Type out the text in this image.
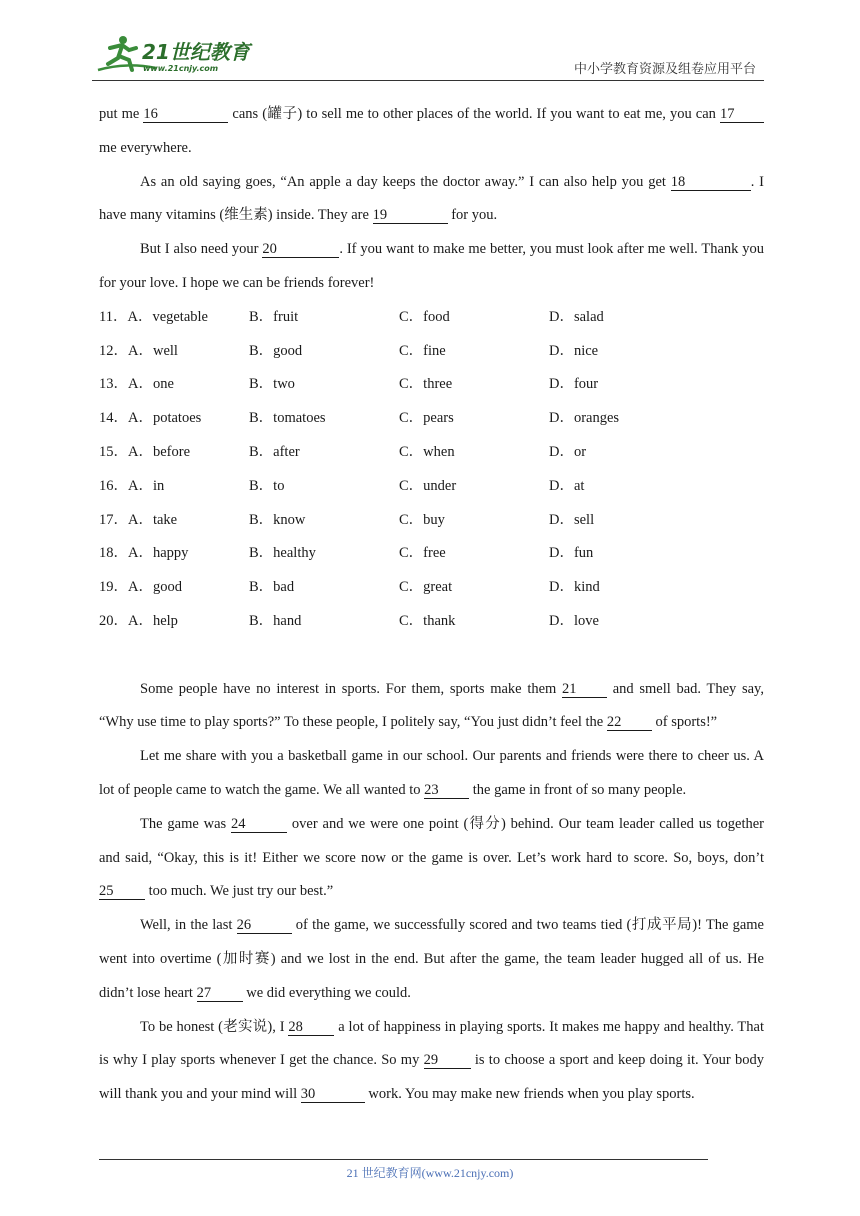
21世纪教育
www.21cnjy.com	中小学教育资源及组卷应用平台

put me 16	cans (罐子) to sell me to other places of the world. If you want to eat me, you can 17 me everywhere.

As an old saying goes, “An apple a day keeps the doctor away.” I can also help you get 18	. I have many vitamins (维生素) inside. They are 19	for you.

But I also need your 20	. If you want to make me better, you must look after me well. Thank you for your love. I hope we can be friends forever!

11．A．vegetable	B．fruit	C．food	D．salad
12．A．well	B．good	C．fine	D．nice
13．A．one	B．two	C．three	D．four
14．A．potatoes	B．tomatoes	C．pears	D．oranges
15．A．before	B．after	C．when	D．or
16．A．in	B．to	C．under	D．at
17．A．take	B．know	C．buy	D．sell
18．A．happy	B．healthy	C．free	D．fun
19．A．good	B．bad	C．great	D．kind
20．A．help	B．hand	C．thank	D．love

Some people have no interest in sports. For them, sports make them 21 and smell bad. They say, “Why use time to play sports?” To these people, I politely say, “You just didn’t feel the 22 of sports!”

Let me share with you a basketball game in our school. Our parents and friends were there to cheer us. A lot of people came to watch the game. We all wanted to 23 the game in front of so many people.

The game was 24	over and we were one point (得分) behind. Our team leader called us together and said, “Okay, this is it! Either we score now or the game is over. Let’s work hard to score. So, boys, don’t 25 too much. We just try our best.”

Well, in the last 26	of the game, we successfully scored and two teams tied (打成平局)! The game went into overtime (加时赛) and we lost in the end. But after the game, the team leader hugged all of us. He didn’t lose heart 27 we did everything we could.

To be honest (老实说), I 28 a lot of happiness in playing sports. It makes me happy and healthy. That is why I play sports whenever I get the chance. So my 29 is to choose a sport and keep doing it. Your body will thank you and your mind will 30	work. You may make new friends when you play sports.

21 世纪教育网(www.21cnjy.com)
